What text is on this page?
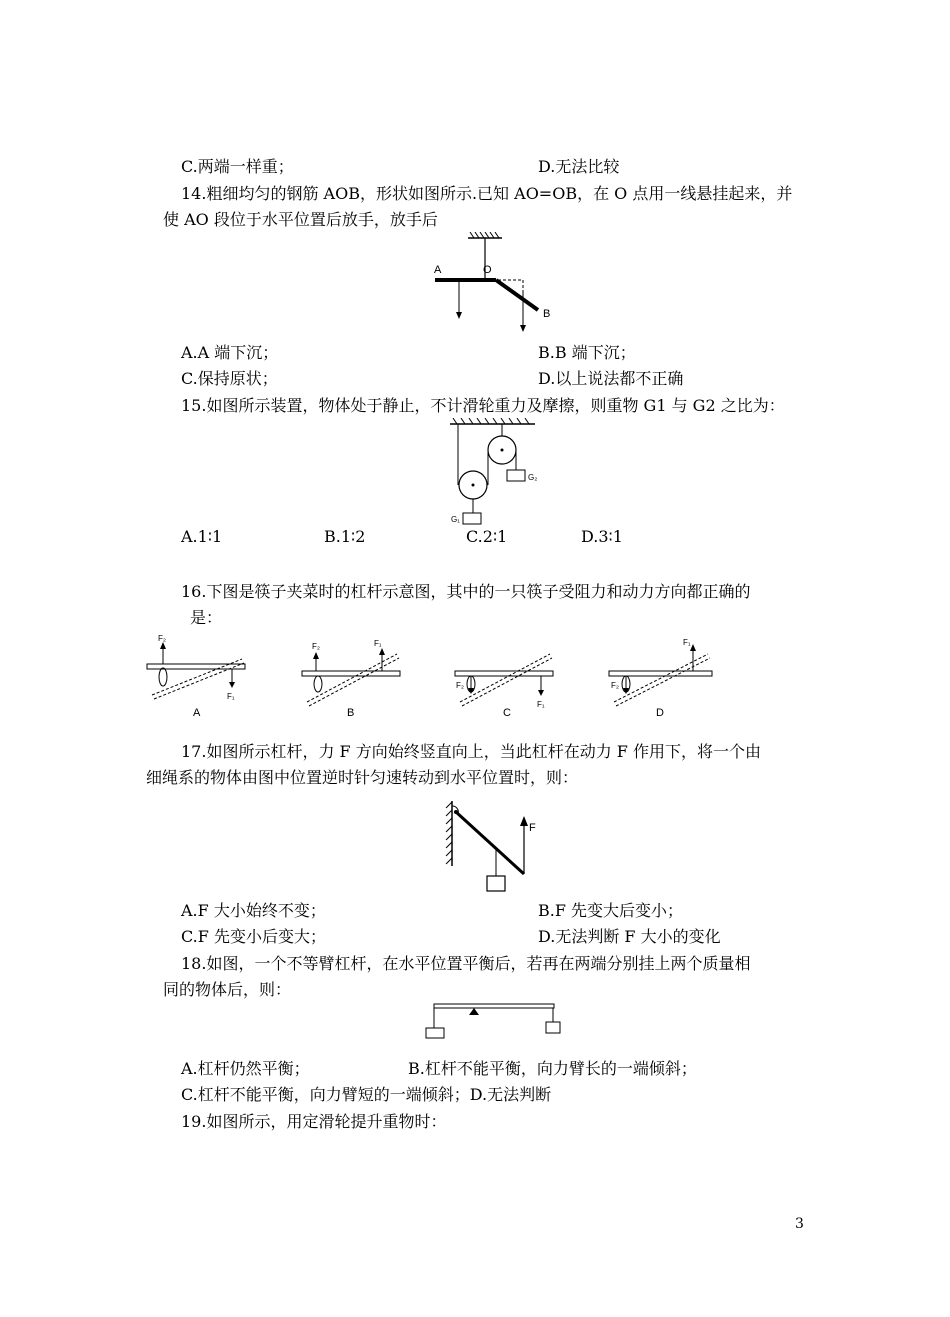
C.两端一样重；	D.无法比较
14.粗细均匀的钢筋 AOB，形状如图所示.已知 AO=OB，在 O 点用一线悬挂起来，并
使 AO 段位于水平位置后放手，放手后
A	O
B
A.A 端下沉；	B.B 端下沉；
C.保持原状；	D.以上说法都不正确
15.如图所示装置，物体处于静止，不计滑轮重力及摩擦，则重物 G1 与 G2 之比为：
G₂
G₁
A.1∶1	B.1∶2	C.2∶1	D.3∶1
16.下图是筷子夹菜时的杠杆示意图，其中的一只筷子受阻力和动力方向都正确的
是：
F₂
F₁
A
F₂	F₁
B
F₂
F₁
C
F₂
F₁
D
17.如图所示杠杆，力 F 方向始终竖直向上，当此杠杆在动力 F 作用下，将一个由
细绳系的物体由图中位置逆时针匀速转动到水平位置时，则：
F
A.F 大小始终不变；	B.F 先变大后变小；
C.F 先变小后变大；	D.无法判断 F 大小的变化
18.如图，一个不等臂杠杆，在水平位置平衡后，若再在两端分别挂上两个质量相
同的物体后，则：
A.杠杆仍然平衡；	B.杠杆不能平衡，向力臂长的一端倾斜；
C.杠杆不能平衡，向力臂短的一端倾斜；D.无法判断
19.如图所示，用定滑轮提升重物时：
3
